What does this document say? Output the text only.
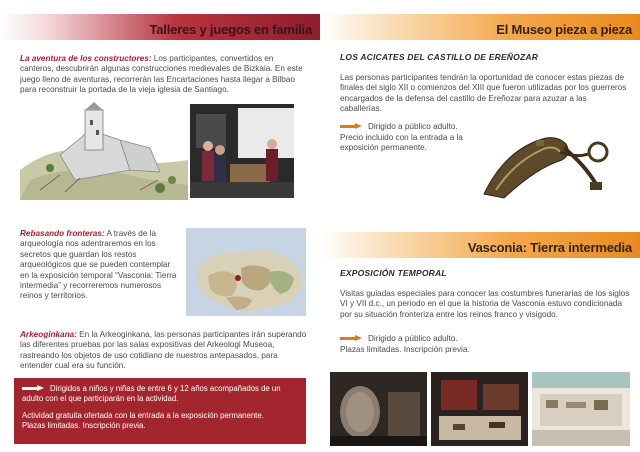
Talleres y juegos en familia

La aventura de los constructores: Los participantes, convertidos en canteros, descubrirán algunas construcciones medievales de Bizkaia. En este juego lleno de aventuras, recorrerán las Encartaciones hasta llegar a Bilbao para reconstruir la portada de la vieja iglesia de Santiago.

Rebasando fronteras: A través de la arqueología nos adentraremos en los secretos que guardan los restos arqueológicos que se pueden contemplar en la exposición temporal “Vasconia: Tierra intermedia” y recorreremos numerosos reinos y territorios.

Arkeoginkana: En la Arkeoginkana, las personas participantes irán superando las diferentes pruebas por las salas expositivas del Arkeologi Museoa, rastreando los objetos de uso cotidiano de nuestros antepasados, para entender cual era su función.

Dirigidos a niños y niñas de entre 6 y 12 años acompañados de un adulto con el que participarán en la actividad.
Actividad gratuita ofertada con la entrada a la exposición permanente.
Plazas limitadas. Inscripción previa.
El Museo pieza a pieza
LOS ACICATES DEL CASTILLO DE EREÑOZAR

Las personas participantes tendrán la oportunidad de conocer estas piezas de finales del siglo XII o comienzos del XIII que fueron utilizadas por los guerreros encargados de la defensa del castillo de Ereñozar para azuzar a las caballerías.

Dirigido a público adulto.

Precio incluido con la entrada a la exposición permanente.

Vasconia: Tierra intermedia
EXPOSICIÓN TEMPORAL

Visitas guiadas especiales para conocer las costumbres funerarias de los siglos VI y VII d.c., un periodo en el que la historia de Vasconia estuvo condicionada por su situación fronteriza entre los reinos franco y visigodo.

Dirigido a público adulto.

Plazas limitadas. Inscripción previa.
